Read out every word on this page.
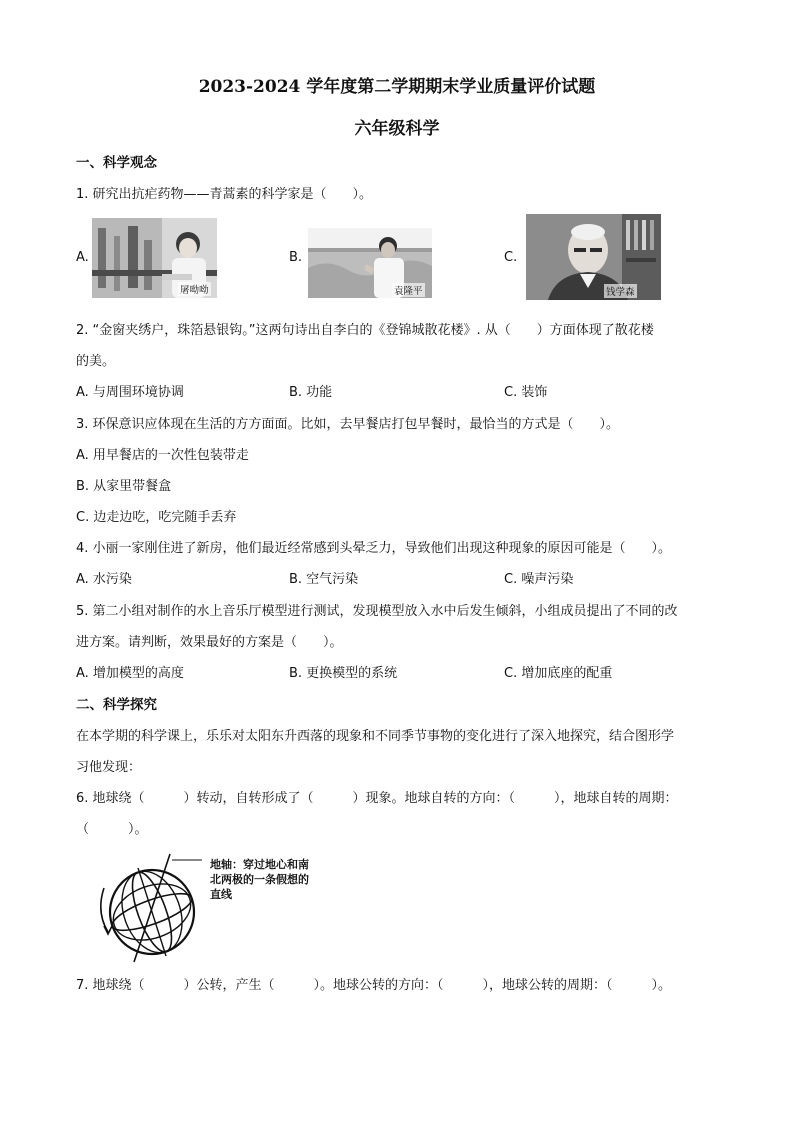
2023-2024 学年度第二学期期末学业质量评价试题
六年级科学
一、科学观念
1. 研究出抗疟药物——青蒿素的科学家是（　　）。
A.
屠呦呦
B.
袁隆平
C.
钱学森
2. “金窗夹绣户，珠箔悬银钩。”这两句诗出自李白的《登锦城散花楼》. 从（　　）方面体现了散花楼
的美。
A. 与周围环境协调	B. 功能	C. 装饰
3. 环保意识应体现在生活的方方面面。比如，去早餐店打包早餐时，最恰当的方式是（　　）。
A. 用早餐店的一次性包装带走
B. 从家里带餐盒
C. 边走边吃，吃完随手丢弃
4. 小丽一家刚住进了新房，他们最近经常感到头晕乏力，导致他们出现这种现象的原因可能是（　　）。
A. 水污染	B. 空气污染	C. 噪声污染
5. 第二小组对制作的水上音乐厅模型进行测试，发现模型放入水中后发生倾斜，小组成员提出了不同的改
进方案。请判断，效果最好的方案是（　　）。
A. 增加模型的高度	B. 更换模型的系统	C. 增加底座的配重
二、科学探究
在本学期的科学课上，乐乐对太阳东升西落的现象和不同季节事物的变化进行了深入地探究，结合图形学
习他发现：
6. 地球绕（　　　）转动，自转形成了（　　　）现象。地球自转的方向：（　　　），地球自转的周期：
（　　　）。
地轴：穿过地心和南北两极的一条假想的直线
7. 地球绕（　　　）公转，产生（　　　）。地球公转的方向：（　　　），地球公转的周期：（　　　）。
